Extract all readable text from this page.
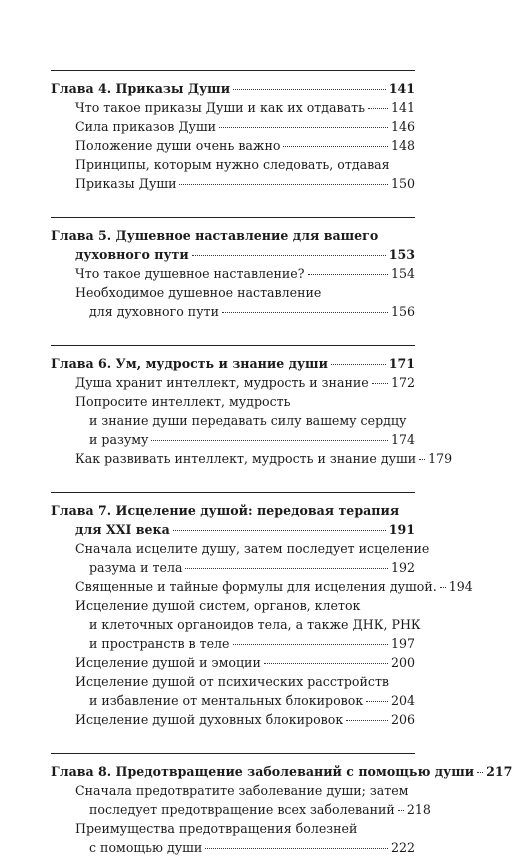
Глава 4. Приказы Души	141
Что такое приказы Души и как их отдавать 141
Сила приказов Души	146
Положение души очень важно	148
Принципы, которым нужно следовать, отдавая
Приказы Души	150
Глава 5. Душевное наставление для вашего
духовного пути	153
Что такое душевное наставление?	154
Необходимое душевное наставление
для духовного пути	156
Глава 6. Ум, мудрость и знание души	171
Душа хранит интеллект, мудрость и знание 172
Попросите интеллект, мудрость
и знание души передавать силу вашему сердцу
и разуму	174
Как развивать интеллект, мудрость и знание души 179
Глава 7. Исцеление душой: передовая терапия
для XXI века	191
Сначала исцелите душу, затем последует исцеление
разума и тела	192
Священные и тайные формулы для исцеления душой. 194
Исцеление душой систем, органов, клеток
и клеточных органоидов тела, а также ДНК, РНК
и пространств в теле	197
Исцеление душой и эмоции	200
Исцеление душой от психических расстройств
и избавление от ментальных блокировок 204
Исцеление душой духовных блокировок	206
Глава 8. Предотвращение заболеваний с помощью души 217
Сначала предотвратите заболевание души; затем
последует предотвращение всех заболеваний 218
Преимущества предотвращения болезней
с помощью души	222
